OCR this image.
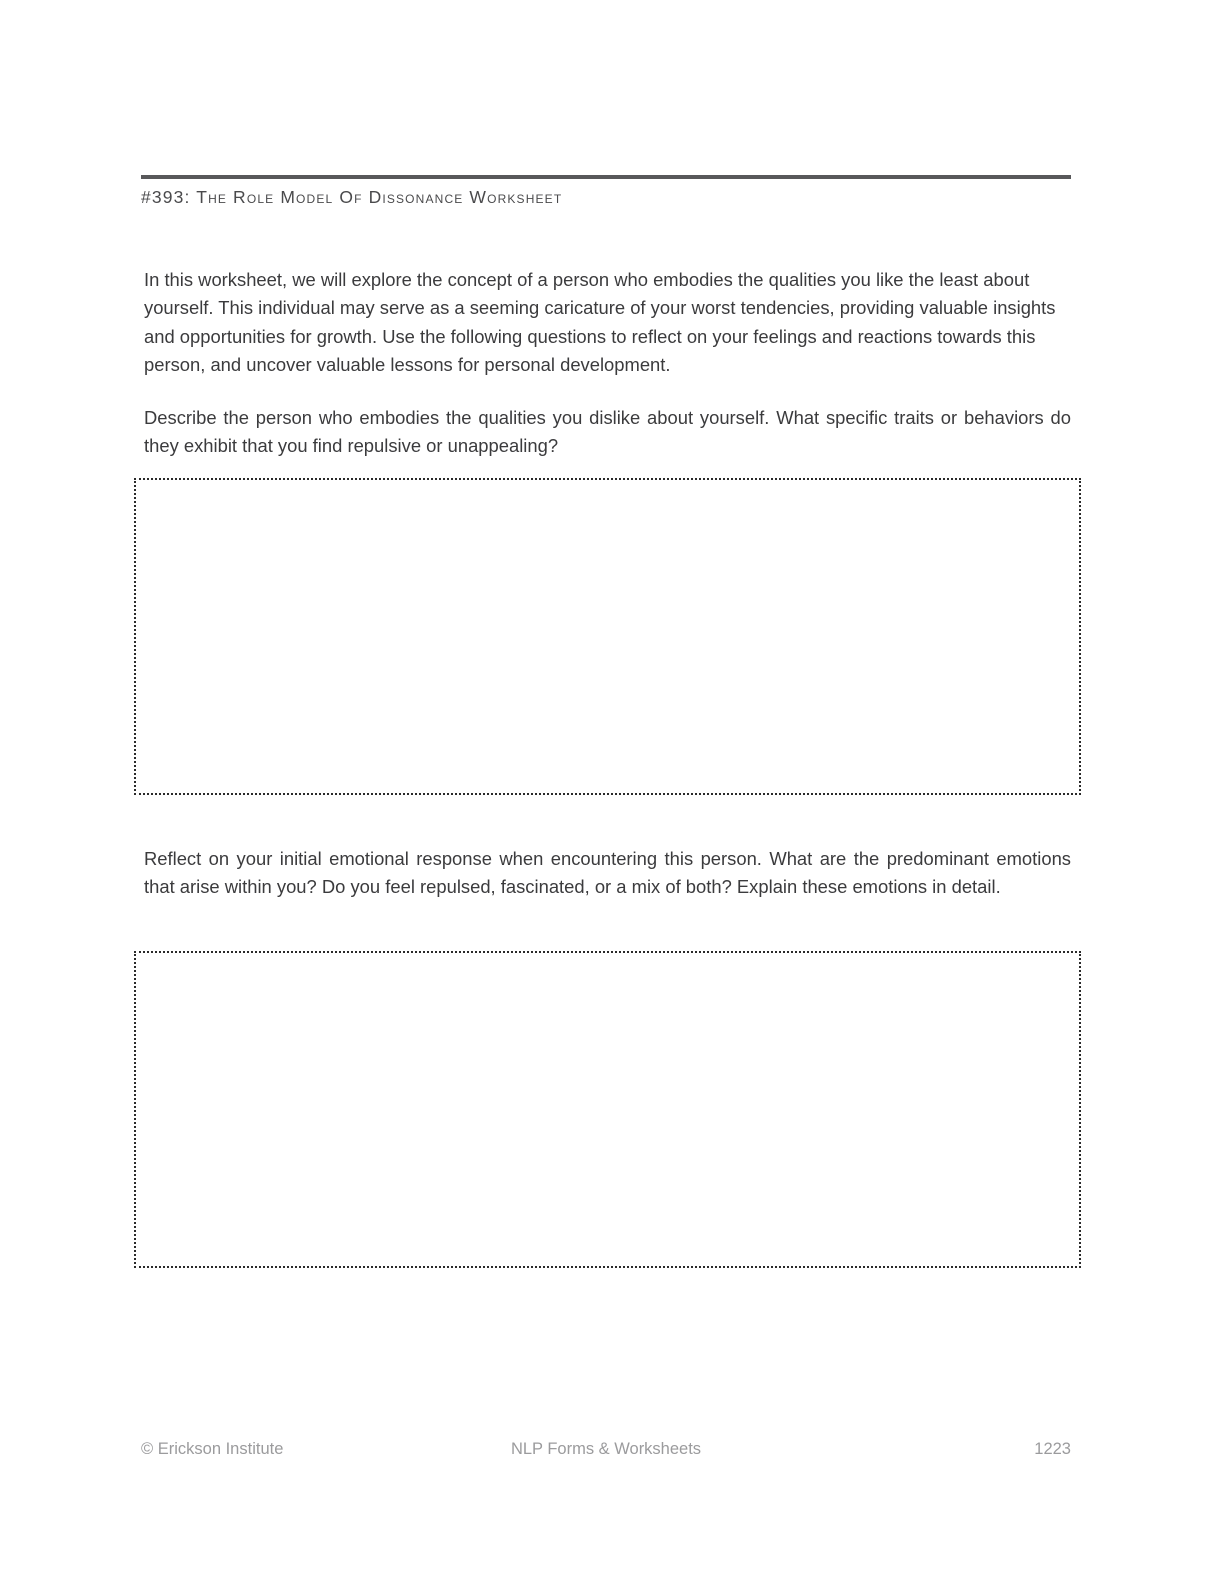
#393: The Role Model Of Dissonance Worksheet
In this worksheet, we will explore the concept of a person who embodies the qualities you like the least about yourself. This individual may serve as a seeming caricature of your worst tendencies, providing valuable insights and opportunities for growth. Use the following questions to reflect on your feelings and reactions towards this person, and uncover valuable lessons for personal development.
Describe the person who embodies the qualities you dislike about yourself. What specific traits or behaviors do they exhibit that you find repulsive or unappealing?
Reflect on your initial emotional response when encountering this person. What are the predominant emotions that arise within you? Do you feel repulsed, fascinated, or a mix of both? Explain these emotions in detail.
© Erickson Institute	NLP Forms & Worksheets	1223
